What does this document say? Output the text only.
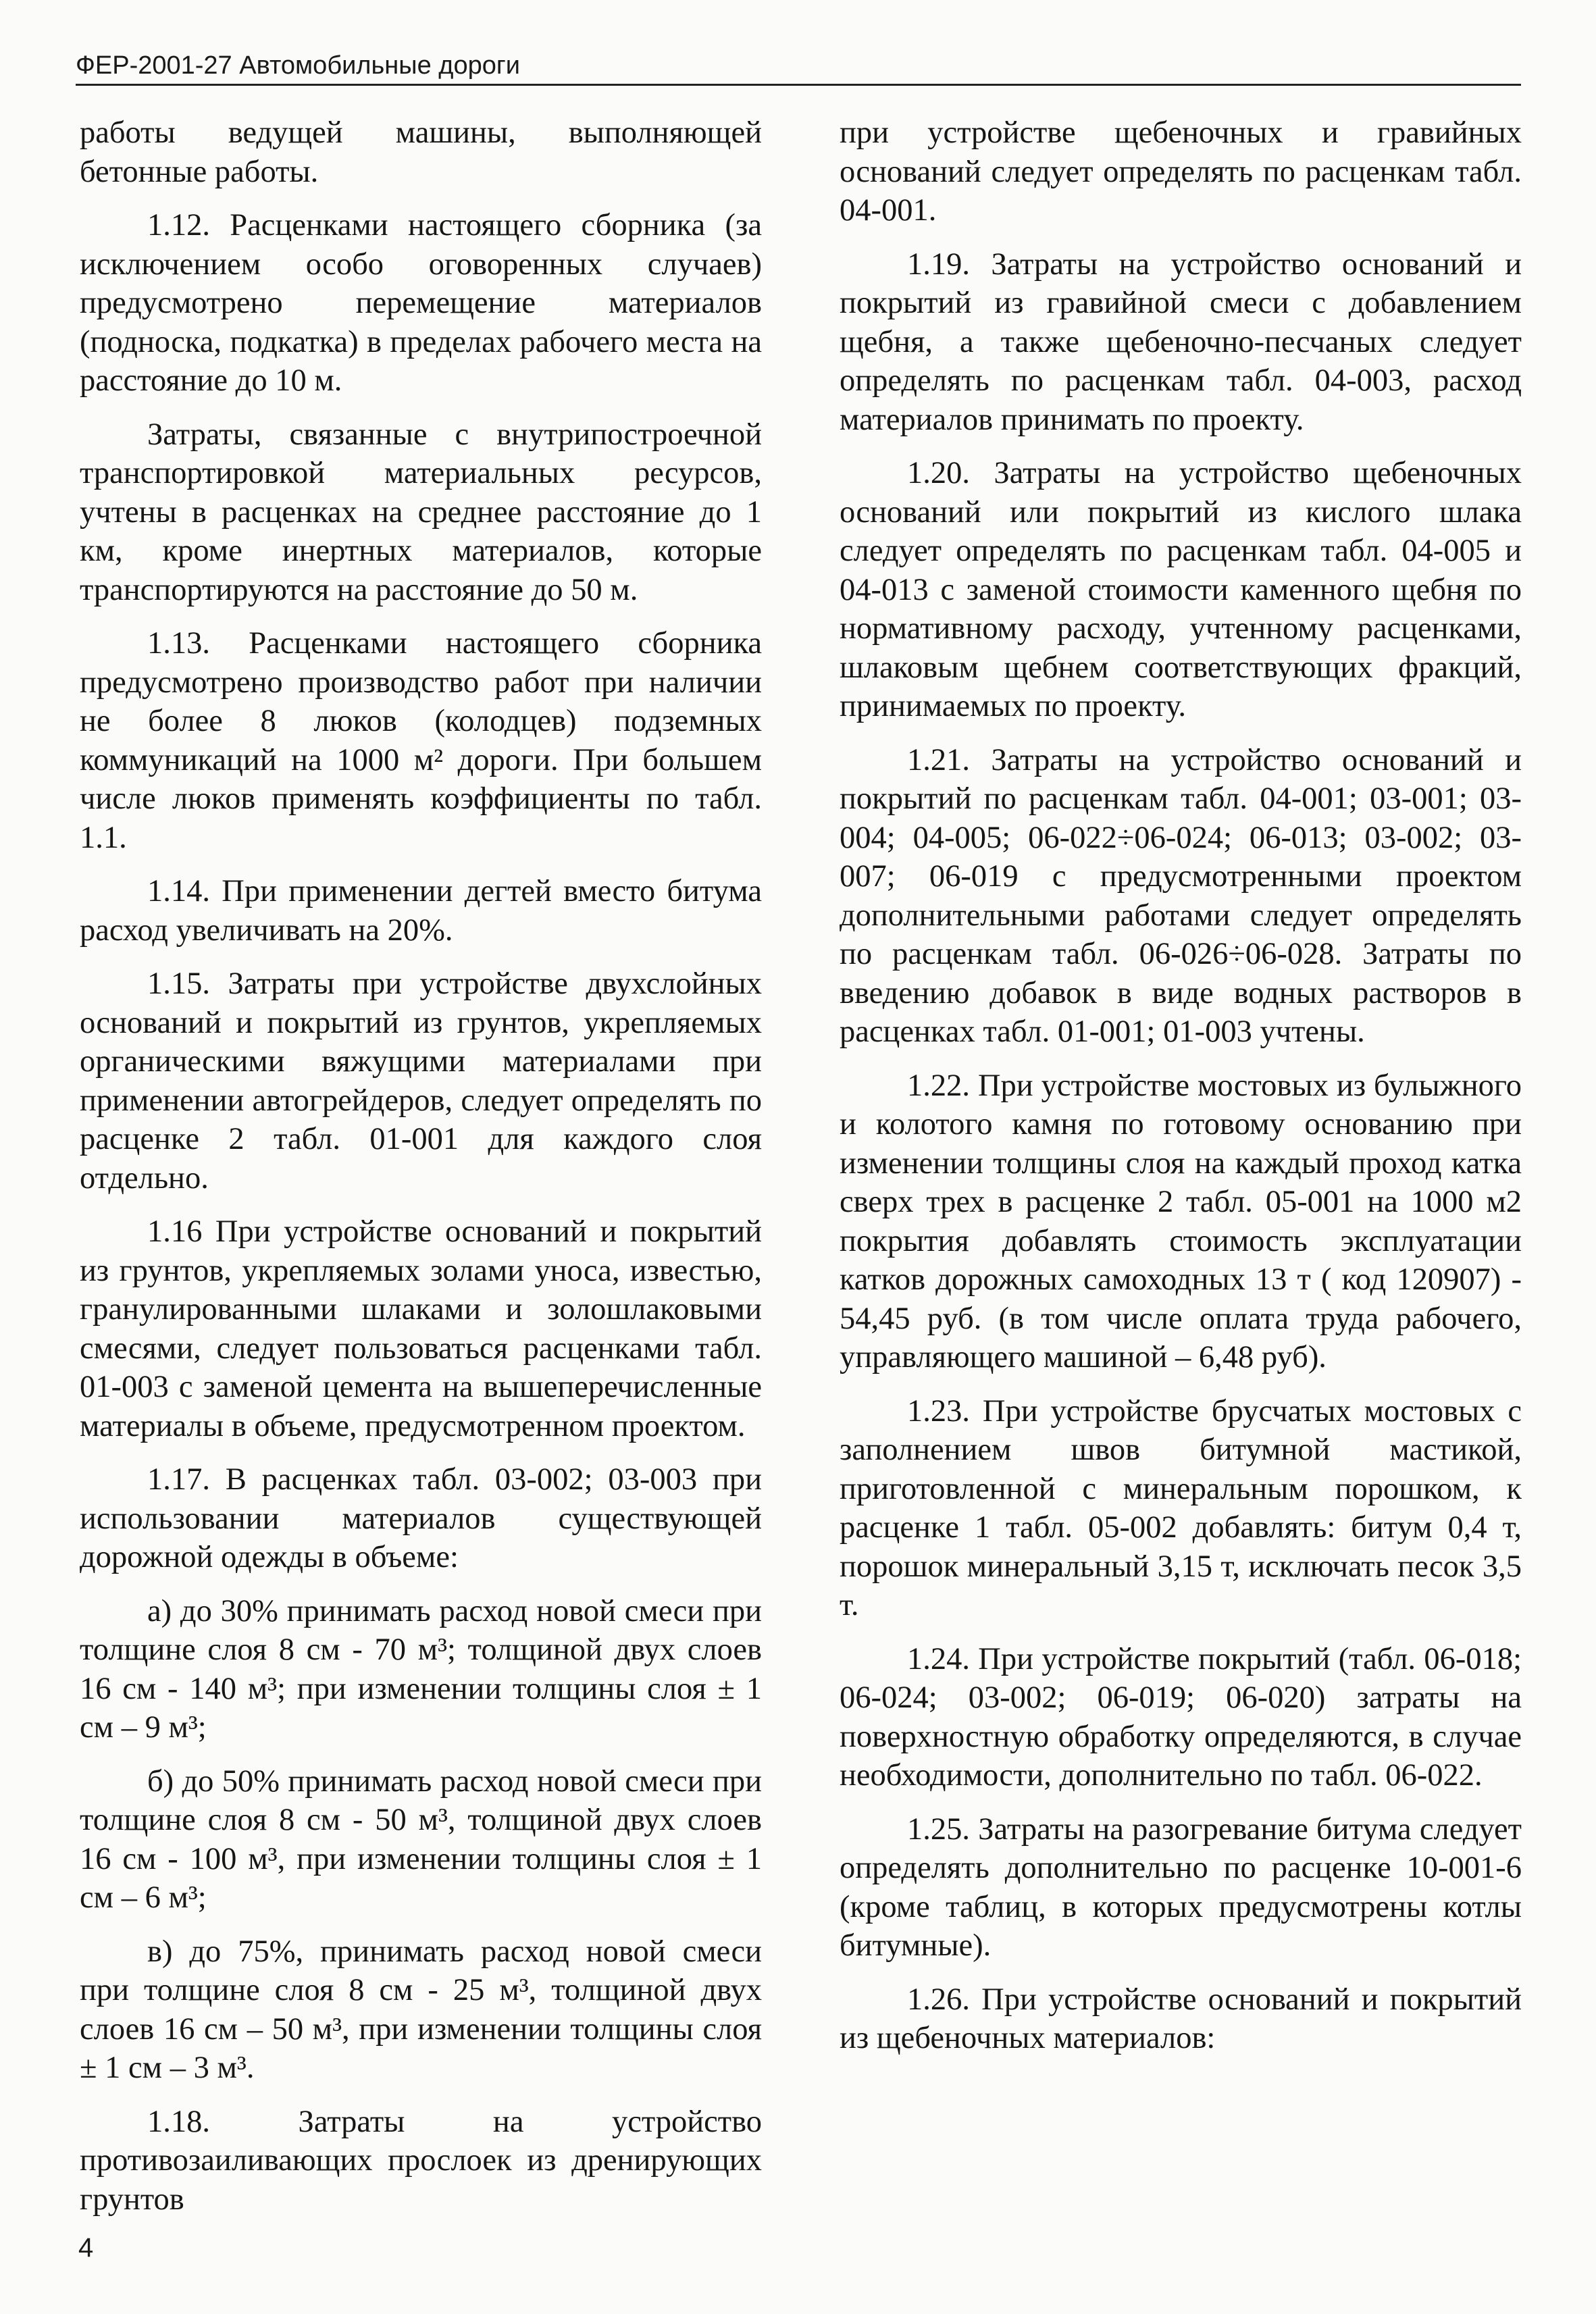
ФЕР-2001-27 Автомобильные дороги

работы ведущей машины, выполняющей бетонные работы.

1.12. Расценками настоящего сборника (за исключением особо оговоренных случаев) предусмотрено перемещение материалов (подноска, подкатка) в пределах рабочего места на расстояние до 10 м.

Затраты, связанные с внутрипостроечной транспортировкой материальных ресурсов, учтены в расценках на среднее расстояние до 1 км, кроме инертных материалов, которые транспортируются на расстояние до 50 м.

1.13. Расценками настоящего сборника предусмотрено производство работ при наличии не более 8 люков (колодцев) подземных коммуникаций на 1000 м² дороги. При большем числе люков применять коэффициенты по табл. 1.1.

1.14. При применении дегтей вместо битума расход увеличивать на 20%.

1.15. Затраты при устройстве двухслойных оснований и покрытий из грунтов, укрепляемых органическими вяжущими материалами при применении автогрейдеров, следует определять по расценке 2 табл. 01-001 для каждого слоя отдельно.

1.16 При устройстве оснований и покрытий из грунтов, укрепляемых золами уноса, известью, гранулированными шлаками и золошлаковыми смесями, следует пользоваться расценками табл. 01-003 с заменой цемента на вышеперечисленные материалы в объеме, предусмотренном проектом.

1.17. В расценках табл. 03-002; 03-003 при использовании материалов существующей дорожной одежды в объеме:

а) до 30% принимать расход новой смеси при толщине слоя 8 см - 70 м³; толщиной двух слоев 16 см - 140 м³; при изменении толщины слоя ± 1 см – 9 м³;

б) до 50% принимать расход новой смеси при толщине слоя 8 см - 50 м³, толщиной двух слоев 16 см - 100 м³, при изменении толщины слоя ± 1 см – 6 м³;

в) до 75%, принимать расход новой смеси при толщине слоя 8 см - 25 м³, толщиной двух слоев 16 см – 50 м³, при изменении толщины слоя ± 1 см – 3 м³.

1.18. Затраты на устройство противозаиливающих прослоек из дренирующих грунтов

при устройстве щебеночных и гравийных оснований следует определять по расценкам табл. 04-001.

1.19. Затраты на устройство оснований и покрытий из гравийной смеси с добавлением щебня, а также щебеночно-песчаных следует определять по расценкам табл. 04-003, расход материалов принимать по проекту.

1.20. Затраты на устройство щебеночных оснований или покрытий из кислого шлака следует определять по расценкам табл. 04-005 и 04-013 с заменой стоимости каменного щебня по нормативному расходу, учтенному расценками, шлаковым щебнем соответствующих фракций, принимаемых по проекту.

1.21. Затраты на устройство оснований и покрытий по расценкам табл. 04-001; 03-001; 03-004; 04-005; 06-022÷06-024; 06-013; 03-002; 03-007; 06-019 с предусмотренными проектом дополнительными работами следует определять по расценкам табл. 06-026÷06-028. Затраты по введению добавок в виде водных растворов в расценках табл. 01-001; 01-003 учтены.

1.22. При устройстве мостовых из булыжного и колотого камня по готовому основанию при изменении толщины слоя на каждый проход катка сверх трех в расценке 2 табл. 05-001 на 1000 м2 покрытия добавлять стоимость эксплуатации катков дорожных самоходных 13 т ( код 120907) - 54,45 руб. (в том числе оплата труда рабочего, управляющего машиной – 6,48 руб).

1.23. При устройстве брусчатых мостовых с заполнением швов битумной мастикой, приготовленной с минеральным порошком, к расценке 1 табл. 05-002 добавлять: битум 0,4 т, порошок минеральный 3,15 т, исключать песок 3,5 т.

1.24. При устройстве покрытий (табл. 06-018; 06-024; 03-002; 06-019; 06-020) затраты на поверхностную обработку определяются, в случае необходимости, дополнительно по табл. 06-022.

1.25. Затраты на разогревание битума следует определять дополнительно по расценке 10-001-6 (кроме таблиц, в которых предусмотрены котлы битумные).

1.26. При устройстве оснований и покрытий из щебеночных материалов:

4
